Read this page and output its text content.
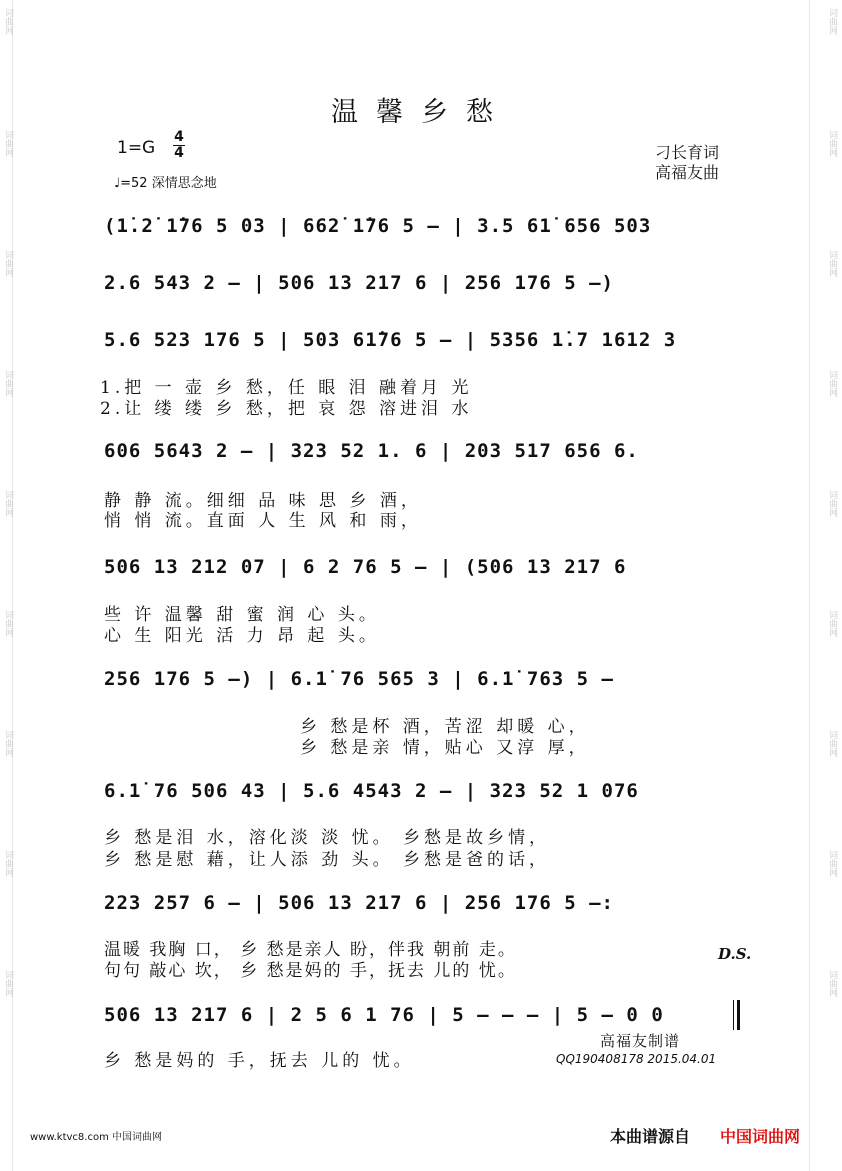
词曲网
词曲网
词曲网
词曲网
词曲网
词曲网
词曲网
词曲网
词曲网
词曲网
词曲网
词曲网
词曲网
词曲网
词曲网
词曲网
词曲网
词曲网
温馨乡愁
1=G
4
4
♩=52 深情思念地
刁长育词
高福友曲
(1̇.2̇ 1̇76 5 03 | 662̇ 1̇76 5 – | 3.5 61̇ 656 503
2.6 543 2 – | 506 13 217 6 | 256 176 5 –)
5.6 523 176 5 | 503 61̇76 5 – | 5356 1̇.7 1612 3
1.把 一 壶 乡 愁，任 眼 泪 融着月 光
2.让 缕 缕 乡 愁，把 哀 怨 溶进泪 水
606 5643 2 – | 323 52 1. 6 | 203 517 656 6.
静 静 流。细细 品 味 思 乡 酒，
悄 悄 流。直面 人 生 风 和 雨，
506 13 212 07 | 6 2 76 5 – | (506 13 217 6
些 许 温馨 甜 蜜 润 心 头。
心 生 阳光 活 力 昂 起 头。
256 176 5 –) | 6.1̇ 76 565 3 | 6.1̇ 763 5 –
乡 愁是杯 酒，苦涩 却暖 心，
乡 愁是亲 情，贴心 又淳 厚，
6.1̇ 76 506 43 | 5.6 4543 2 – | 323 52 1 076
乡 愁是泪 水，溶化淡 淡 忧。 乡愁是故乡情，
乡 愁是慰 藉，让人添 劲 头。 乡愁是爸的话，
223 257 6 – | 506 13 217 6 | 256 176 5 –:
温暖 我胸 口， 乡 愁是亲人 盼，伴我 朝前 走。
句句 敲心 坎， 乡 愁是妈的 手，抚去 儿的 忧。
D.S.
506 13 217 6 | 2 5 6 1 76 | 5 – – – | 5 – 0 0
乡 愁是妈的 手，抚去 儿的 忧。
高福友制谱
QQ190408178 2015.04.01
www.ktvc8.com 中国词曲网	本曲谱源自 中国词曲网
